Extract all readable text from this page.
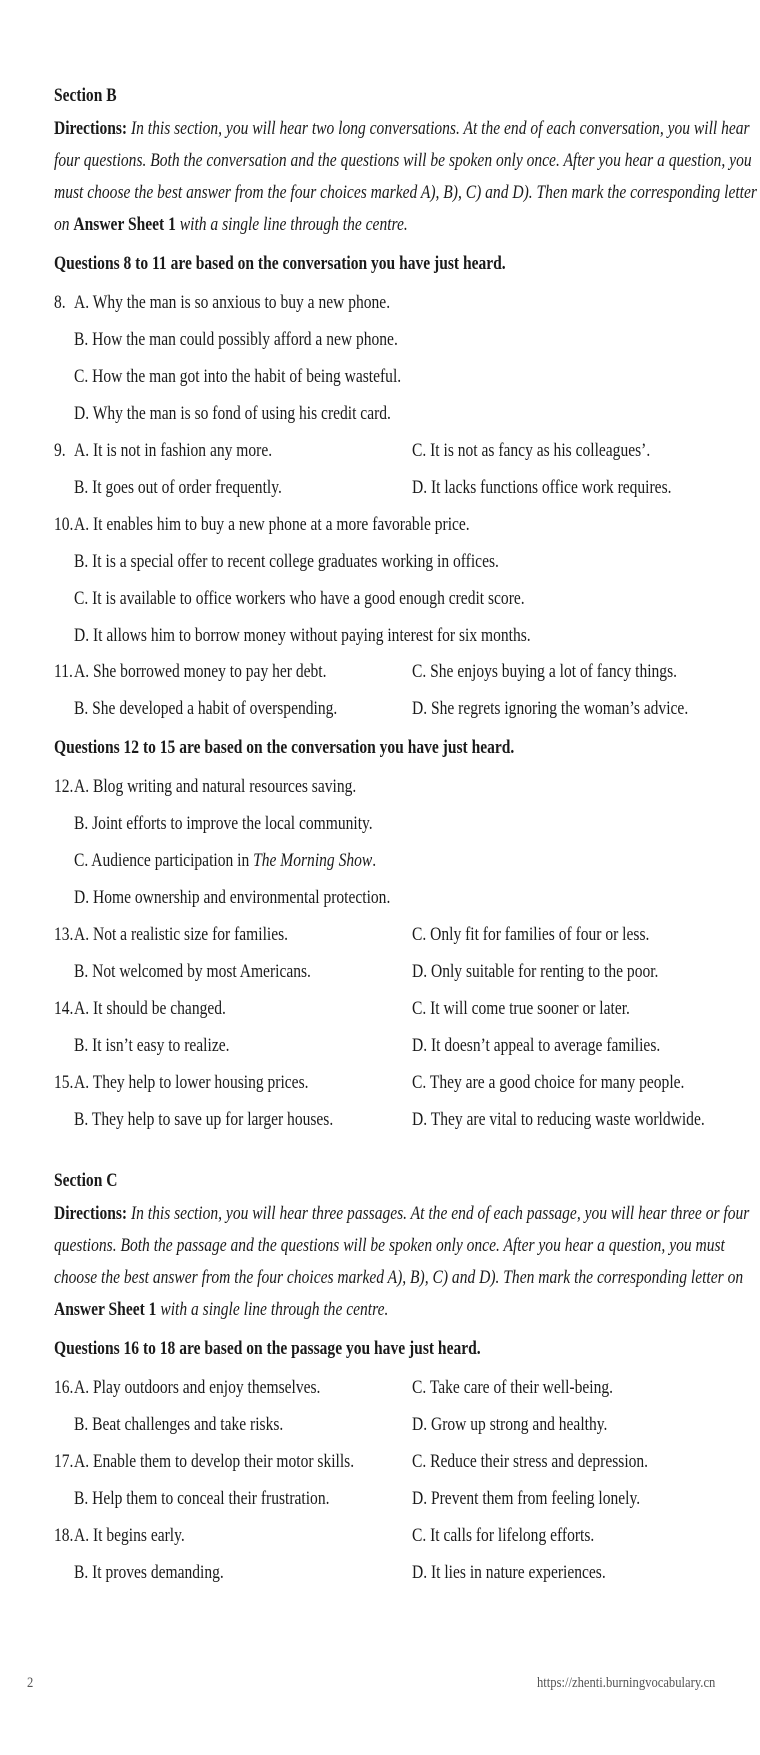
Section B
Directions: In this section, you will hear two long conversations. At the end of each conversation, you will hear
four questions. Both the conversation and the questions will be spoken only once. After you hear a question, you
must choose the best answer from the four choices marked A), B), C) and D). Then mark the corresponding letter
on Answer Sheet 1 with a single line through the centre.
Questions 8 to 11 are based on the conversation you have just heard.
8. A. Why the man is so anxious to buy a new phone.
B. How the man could possibly afford a new phone.
C. How the man got into the habit of being wasteful.
D. Why the man is so fond of using his credit card.
9. A. It is not in fashion any more.	C. It is not as fancy as his colleagues’.
B. It goes out of order frequently.	D. It lacks functions office work requires.
10. A. It enables him to buy a new phone at a more favorable price.
B. It is a special offer to recent college graduates working in offices.
C. It is available to office workers who have a good enough credit score.
D. It allows him to borrow money without paying interest for six months.
11. A. She borrowed money to pay her debt.	C. She enjoys buying a lot of fancy things.
B. She developed a habit of overspending.	D. She regrets ignoring the woman’s advice.
Questions 12 to 15 are based on the conversation you have just heard.
12. A. Blog writing and natural resources saving.
B. Joint efforts to improve the local community.
C. Audience participation in The Morning Show.
D. Home ownership and environmental protection.
13. A. Not a realistic size for families.	C. Only fit for families of four or less.
B. Not welcomed by most Americans.	D. Only suitable for renting to the poor.
14. A. It should be changed.	C. It will come true sooner or later.
B. It isn’t easy to realize.	D. It doesn’t appeal to average families.
15. A. They help to lower housing prices.	C. They are a good choice for many people.
B. They help to save up for larger houses.	D. They are vital to reducing waste worldwide.
Section C
Directions: In this section, you will hear three passages. At the end of each passage, you will hear three or four
questions. Both the passage and the questions will be spoken only once. After you hear a question, you must
choose the best answer from the four choices marked A), B), C) and D). Then mark the corresponding letter on
Answer Sheet 1 with a single line through the centre.
Questions 16 to 18 are based on the passage you have just heard.
16. A. Play outdoors and enjoy themselves.	C. Take care of their well-being.
B. Beat challenges and take risks.	D. Grow up strong and healthy.
17. A. Enable them to develop their motor skills.	C. Reduce their stress and depression.
B. Help them to conceal their frustration.	D. Prevent them from feeling lonely.
18. A. It begins early.	C. It calls for lifelong efforts.
B. It proves demanding.	D. It lies in nature experiences.
2	https://zhenti.burningvocabulary.cn
